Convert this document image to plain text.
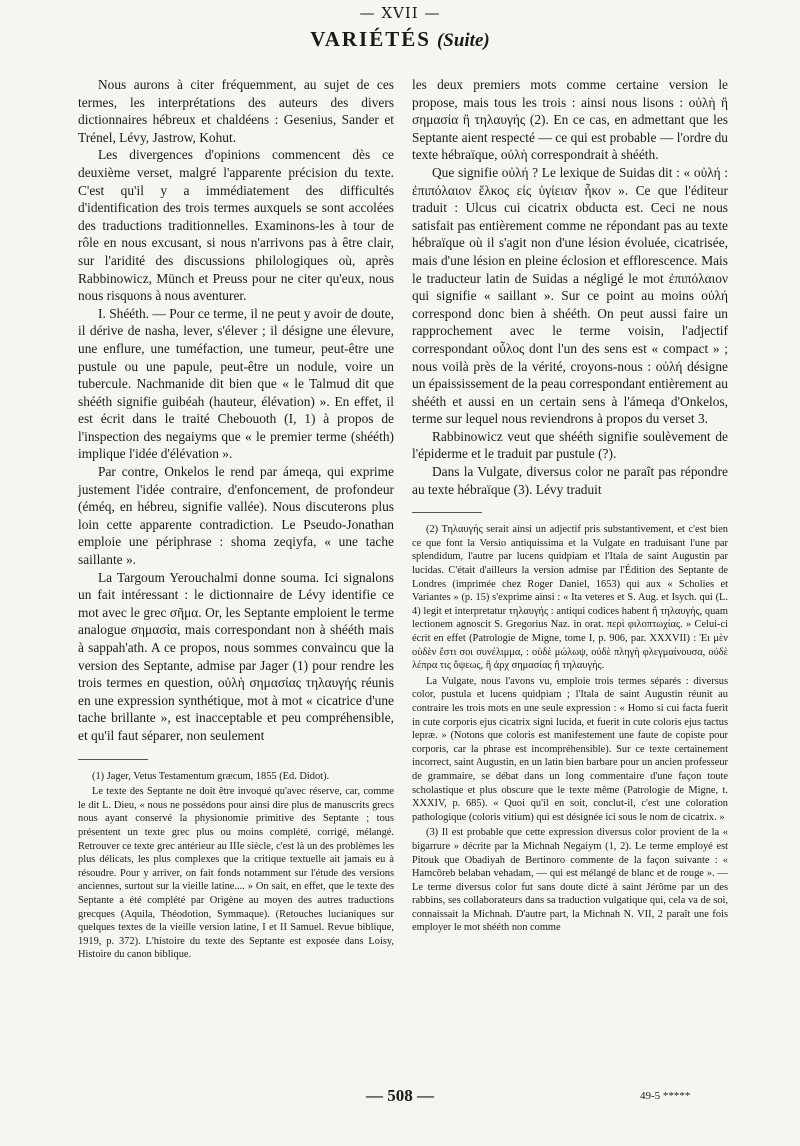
— XVII —
VARIÉTÉS (Suite)

Nous aurons à citer fréquemment, au sujet de ces termes, les interprétations des auteurs des divers dictionnaires hébreux et chaldéens : Gesenius, Sander et Trénel, Lévy, Jastrow, Kohut.

Les divergences d'opinions commencent dès ce deuxième verset, malgré l'apparente précision du texte. C'est qu'il y a immédiatement des difficultés d'identification des trois termes auxquels se sont accolées des traductions traditionnelles. Examinons-les à tour de rôle en nous excusant, si nous n'arrivons pas à être clair, sur l'aridité des discussions philologiques où, après Rabbinowicz, Münch et Preuss pour ne citer qu'eux, nous nous risquons à nous aventurer.

I. Shééth. — Pour ce terme, il ne peut y avoir de doute, il dérive de nasha, lever, s'élever ; il désigne une élevure, une enflure, une tuméfaction, une tumeur, peut-être une pustule ou une papule, peut-être un nodule, voire un tubercule. Nachmanide dit bien que « le Talmud dit que shééth signifie guibéah (hauteur, élévation) ». En effet, il est écrit dans le traité Chebouoth (I, 1) à propos de l'inspection des negaiyms que « le premier terme (shééth) implique l'idée d'élévation ».

Par contre, Onkelos le rend par ámeqa, qui exprime justement l'idée contraire, d'enfoncement, de profondeur (éméq, en hébreu, signifie vallée). Nous discuterons plus loin cette apparente contradiction. Le Pseudo-Jonathan emploie une périphrase : shoma zeqiyfa, « une tache saillante ».

La Targoum Yerouchalmi donne souma. Ici signalons un fait intéressant : le dictionnaire de Lévy identifie ce mot avec le grec σῆμα. Or, les Septante emploient le terme analogue σημασία, mais correspondant non à shééth mais à sappah'ath. A ce propos, nous sommes convaincu que la version des Septante, admise par Jager (1) pour rendre les trois termes en question, οὐλὴ σημασίας τηλαυγής réunis en une expression synthétique, mot à mot « cicatrice d'une tache brillante », est inacceptable et peu compréhensible, et qu'il faut séparer, non seulement

(1) Jager, Vetus Testamentum græcum, 1855 (Ed. Didot).

Le texte des Septante ne doit être invoqué qu'avec réserve, car, comme le dit L. Dieu, « nous ne possédons pour ainsi dire plus de manuscrits grecs nous ayant conservé la physionomie primitive des Septante ; tous présentent un texte grec plus ou moins complété, corrigé, mélangé. Retrouver ce texte grec antérieur au IIIe siècle, c'est là un des problèmes les plus délicats, les plus complexes que la critique textuelle ait jamais eu à résoudre. Pour y arriver, on fait fonds notamment sur l'étude des versions anciennes, surtout sur la vieille latine.... » On sait, en effet, que le texte des Septante a été complété par Origène au moyen des autres traductions grecques (Aquila, Théodotion, Symmaque). (Retouches lucianiques sur quelques textes de la vieille version latine, I et II Samuel. Revue biblique, 1919, p. 372). L'histoire du texte des Septante est exposée dans Loisy, Histoire du canon biblique.

les deux premiers mots comme certaine version le propose, mais tous les trois : ainsi nous lisons : οὐλὴ ἢ σημασία ἢ τηλαυγής (2). En ce cas, en admettant que les Septante aient respecté — ce qui est probable — l'ordre du texte hébraïque, οὐλὴ correspondrait à shééth.

Que signifie οὐλή ? Le lexique de Suidas dit : « οὐλή : ἐπιπόλαιον ἕλκος εἰς ὑγίειαν ἧκον ». Ce que l'éditeur traduit : Ulcus cui cicatrix obducta est. Ceci ne nous satisfait pas entièrement comme ne répondant pas au texte hébraïque où il s'agit non d'une lésion évoluée, cicatrisée, mais d'une lésion en pleine éclosion et efflorescence. Mais le traducteur latin de Suidas a négligé le mot ἐπιπόλαιον qui signifie « saillant ». Sur ce point au moins οὐλή correspond donc bien à shééth. On peut aussi faire un rapprochement avec le terme voisin, l'adjectif correspondant οὖλος dont l'un des sens est « compact » ; nous voilà près de la vérité, croyons-nous : οὐλή désigne un épaississement de la peau correspondant entièrement au shééth et aussi en un certain sens à l'ámeqa d'Onkelos, terme sur lequel nous reviendrons à propos du verset 3.

Rabbinowicz veut que shééth signifie soulèvement de l'épiderme et le traduit par pustule (?).

Dans la Vulgate, diversus color ne paraît pas répondre au texte hébraïque (3). Lévy traduit

(2) Τηλαυγής serait ainsi un adjectif pris substantivement, et c'est bien ce que font la Versio antiquissima et la Vulgate en traduisant l'une par splendidum, l'autre par lucens quidpiam et l'Itala de saint Augustin par lucidas. C'était d'ailleurs la version admise par l'Édition des Septante de Londres (imprimée chez Roger Daniel, 1653) qui aux « Scholies et Variantes » (p. 15) s'exprime ainsi : « Ita veteres et S. Aug. et Isych. qui (L. 4) legit et interpretatur τηλαυγής : antiqui codices habent ἢ τηλαυγής, quam lectionem agnoscit S. Gregorius Naz. in orat. περὶ φιλοπτωχίας. » Celui-ci écrit en effet (Patrologie de Migne, tome I, p. 906, par. XXXVII) : Ἐι μὲν οὐδὲν ἔστι σοι συνέλιμμα, : οὐδὲ μώλωψ, οὐδὲ πληγὴ φλεγμαίνουσα, οὐδὲ λέπρα τις ὄψεως, ἢ ἀρχ σημασίας ἢ τηλαυγής.

La Vulgate, nous l'avons vu, emploie trois termes séparés : diversus color, pustula et lucens quidpiam ; l'Itala de saint Augustin réunit au contraire les trois mots en une seule expression : « Homo si cui facta fuerit in cute corporis ejus cicatrix signi lucida, et fuerit in cute coloris ejus tactus lepræ. » (Notons que coloris est manifestement une faute de copiste pour corporis, car la phrase est incompréhensible). Sur ce texte certainement incorrect, saint Augustin, en un latin bien barbare pour un ancien professeur de grammaire, se débat dans un long commentaire d'une façon toute scholastique et plus obscure que le texte même (Patrologie de Migne, t. XXXIV, p. 685). « Quoi qu'il en soit, conclut-il, c'est une coloration pathologique (coloris vitium) qui est désignée ici sous le nom de cicatrix. »

(3) Il est probable que cette expression diversus color provient de la « bigarrure » décrite par la Michnah Negaiym (1, 2). Le terme employé est Pitouk que Obadiyah de Bertinoro commente de la façon suivante : « Hamcôreb belaban vehadam, — qui est mélangé de blanc et de rouge ». — Le terme diversus color fut sans doute dicté à saint Jérôme par un des rabbins, ses collaborateurs dans sa traduction vulgatique qui, cela va de soi, connaissait la Michnah. D'autre part, la Michnah N. VII, 2 paraît une fois employer le mot shééth non comme

— 508 —	49-5 *****
